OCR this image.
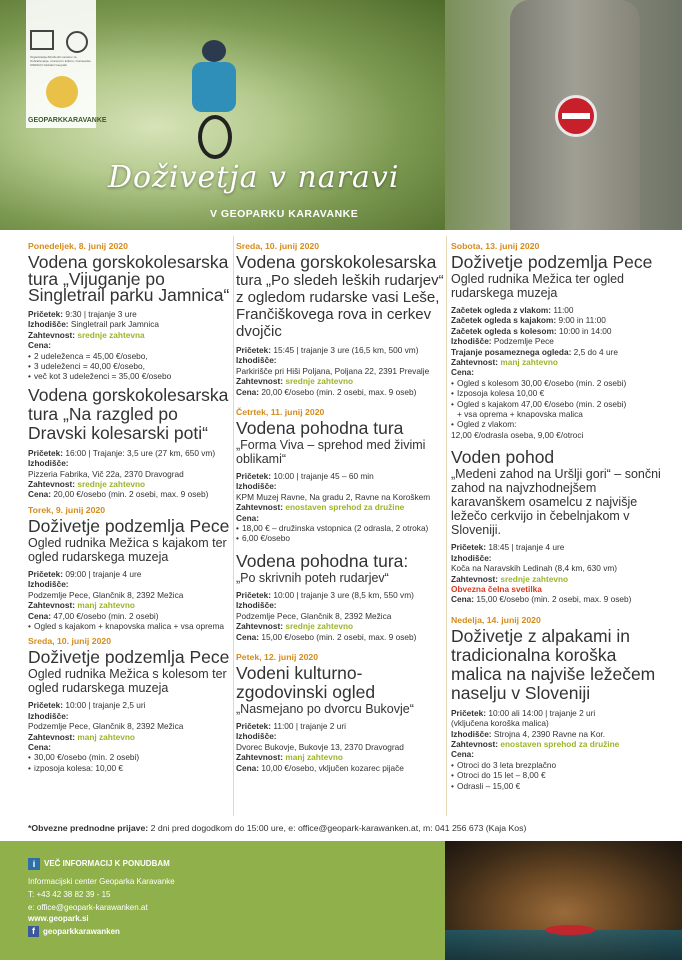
Organizacija Združenih narodov za izobraževanje, znanost in kulturo • Karavanke UNESCO Globalni Geopark
GEOPARKKARAVANKE
Doživetja v naravi
V GEOPARKU KARAVANKE
Ponedeljek, 8. junij 2020
Vodena gorskokolesarska
tura „Vijuganje po Singletrail parku Jamnica“
Pričetek: 9:30 | trajanje 3 ure
Izhodišče: Singletrail park Jamnica
Zahtevnost: srednje zahtevna
Cena:
• 2 udeleženca = 45,00 €/osebo,
• 3 udeleženci = 40,00 €/osebo,
• več kot 3 udeleženci = 35,00 €/osebo
Vodena gorskokolesarska
tura „Na razgled po Dravski kolesarski poti“
Pričetek: 16:00 | Trajanje: 3,5 ure (27 km, 650 vm)
Izhodišče:
Pizzeria Fabrika, Vič 22a, 2370 Dravograd
Zahtevnost: srednje zahtevno
Cena: 20,00 €/osebo (min. 2 osebi, max. 9 oseb)
Torek, 9. junij 2020
Doživetje podzemlja Pece
Ogled rudnika Mežica s kajakom ter ogled rudarskega muzeja
Pričetek: 09:00 | trajanje 4 ure
Izhodišče:
Podzemlje Pece, Glančnik 8, 2392 Mežica
Zahtevnost: manj zahtevno
Cena: 47,00 €/osebo (min. 2 osebi)
• Ogled s kajakom + knapovska malica + vsa oprema
Sreda, 10. junij 2020
Doživetje podzemlja Pece
Ogled rudnika Mežica s kolesom ter ogled rudarskega muzeja
Pričetek: 10:00 | trajanje 2,5 uri
Izhodišče:
Podzemlje Pece, Glančnik 8, 2392 Mežica
Zahtevnost: manj zahtevno
Cena:
• 30,00 €/osebo (min. 2 osebi)
• izposoja kolesa: 10,00 €
Sreda, 10. junij 2020
Vodena gorskokolesarska
tura „Po sledeh leških rudarjev“ z ogledom rudarske vasi Leše, Frančiškovega rova in cerkev dvojčic
Pričetek: 15:45 | trajanje 3 ure (16,5 km, 500 vm)
Izhodišče:
Parkirišče pri Hiši Poljana, Poljana 22, 2391 Prevalje
Zahtevnost: srednje zahtevno
Cena: 20,00 €/osebo (min. 2 osebi, max. 9 oseb)
Četrtek, 11. junij 2020
Vodena pohodna tura
„Forma Viva – sprehod med živimi oblikami“
Pričetek: 10:00 | trajanje 45 – 60 min
Izhodišče:
KPM Muzej Ravne, Na gradu 2, Ravne na Koroškem
Zahtevnost: enostaven sprehod za družine
Cena:
• 18,00 € – družinska vstopnica (2 odrasla, 2 otroka)
• 6,00 €/osebo
Vodena pohodna tura:
„Po skrivnih poteh rudarjev“
Pričetek: 10:00 | trajanje 3 ure (8,5 km, 550 vm)
Izhodišče:
Podzemlje Pece, Glančnik 8, 2392 Mežica
Zahtevnost: srednje zahtevno
Cena: 15,00 €/osebo (min. 2 osebi, max. 9 oseb)
Petek, 12. junij 2020
Vodeni kulturno-
zgodovinski ogled
„Nasmejano po dvorcu Bukovje“
Pričetek: 11:00 | trajanje 2 uri
Izhodišče:
Dvorec Bukovje, Bukovje 13, 2370 Dravograd
Zahtevnost: manj zahtevno
Cena: 10,00 €/osebo, vključen kozarec pijače
Sobota, 13. junij 2020
Doživetje podzemlja Pece
Ogled rudnika Mežica ter ogled rudarskega muzeja
Začetek ogleda z vlakom: 11:00
Začetek ogleda s kajakom: 9:00 in 11:00
Začetek ogleda s kolesom: 10:00 in 14:00
Izhodišče: Podzemlje Pece
Trajanje posameznega ogleda: 2,5 do 4 ure
Zahtevnost: manj zahtevno
Cena:
• Ogled s kolesom 30,00 €/osebo (min. 2 osebi)
• Izposoja kolesa 10,00 €
• Ogled s kajakom 47,00 €/osebo (min. 2 osebi)
+ vsa oprema + knapovska malica
• Ogled z vlakom:
12,00 €/odrasla oseba, 9,00 €/otroci
Voden pohod
„Medeni zahod na Uršlji gori“ – sončni zahod na najvzhodnejšem karavanškem osamelcu z najvišje ležečo cerkvijo in čebelnjakom v Sloveniji.
Pričetek: 18:45 | trajanje 4 ure
Izhodišče:
Koča na Naravskih Ledinah (8,4 km, 630 vm)
Zahtevnost: srednje zahtevno
Obvezna čelna svetilka
Cena: 15,00 €/osebo (min. 2 osebi, max. 9 oseb)
Nedelja, 14. junij 2020
Doživetje z alpakami in tradicionalna koroška malica na najviše ležečem naselju v Sloveniji
Pričetek: 10:00 ali 14:00 | trajanje 2 uri
(vključena koroška malica)
Izhodišče: Strojna 4, 2390 Ravne na Kor.
Zahtevnost: enostaven sprehod za družine
Cena:
• Otroci do 3 leta brezplačno
• Otroci do 15 let – 8,00 €
• Odrasli – 15,00 €
*Obvezne prednodne prijave: 2 dni pred dogodkom do 15:00 ure, e: office@geopark-karawanken.at, m: 041 256 673 (Kaja Kos)
i	VEČ INFORMACIJ K PONUDBAM
Informacijski center Geoparka Karavanke
T: +43 42 38 82 39 - 15
e: office@geopark-karawanken.at
www.geopark.si
f	geoparkkarawanken
